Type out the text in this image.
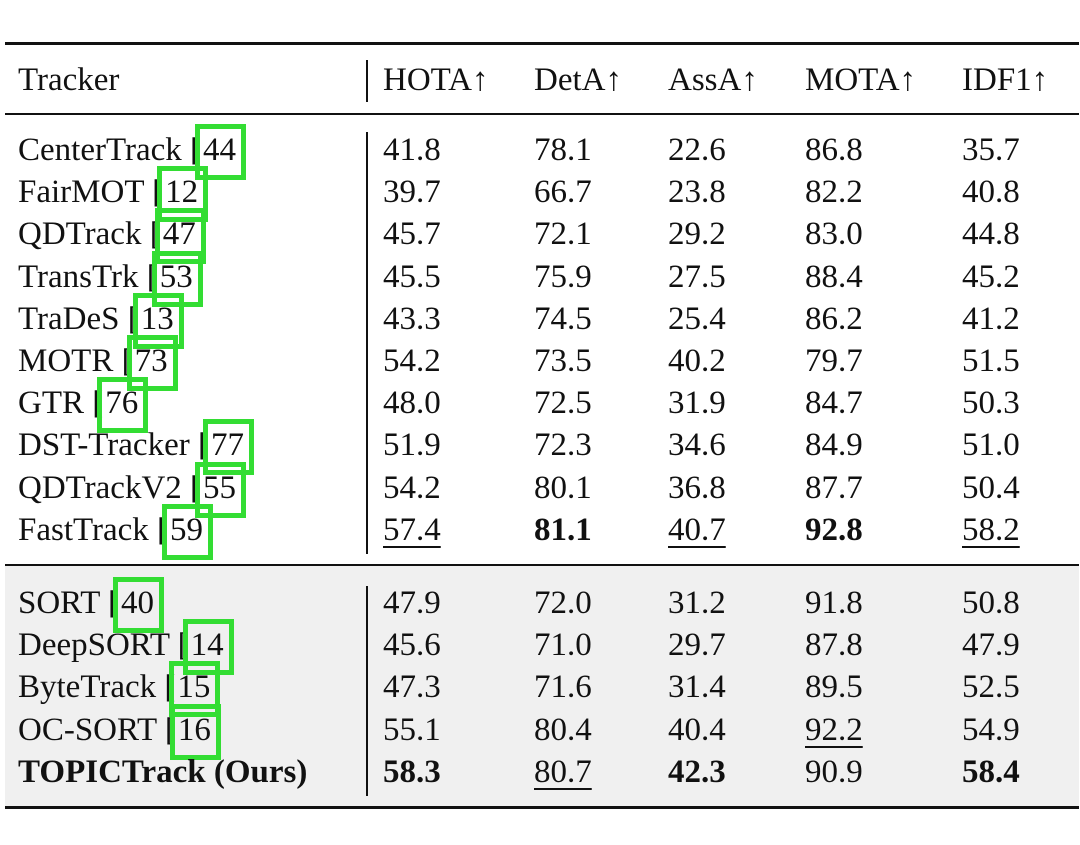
Tracker	HOTA↑ DetA↑ AssA↑ MOTA↑ IDF1↑
CenterTrack [44	41.8	78.1 22.6 86.8	35.7
FairMOT [12	39.7	66.7 23.8 82.2	40.8
QDTrack [47	45.7	72.1 29.2 83.0	44.8
TransTrk [53	45.5	75.9 27.5 88.4	45.2
TraDeS [13	43.3	74.5 25.4 86.2	41.2
MOTR [73	54.2	73.5 40.2 79.7	51.5
GTR [76	48.0	72.5 31.9 84.7	50.3
DST-Tracker [77	51.9	72.3 34.6 84.9	51.0
QDTrackV2 [55	54.2	80.1 36.8 87.7	50.4
FastTrack [59	57.4	81.1 40.7 92.8	58.2
SORT [40	47.9	72.0 31.2 91.8	50.8
DeepSORT [14	45.6	71.0 29.7 87.8	47.9
ByteTrack [15	47.3	71.6 31.4 89.5	52.5
OC-SORT [16	55.1	80.4 40.4 92.2	54.9
TOPICTrack (Ours) 58.3	80.7 42.3 90.9	58.4
